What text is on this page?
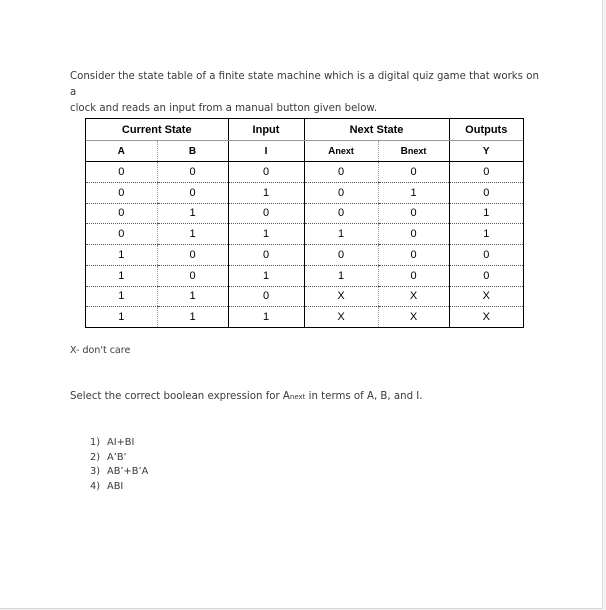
Consider the state table of a finite state machine which is a digital quiz game that works on a
clock and reads an input from a manual button given below.
Current State		Input	Next State		Outputs
A	B	I	Anext	Bnext	Y
0	0	0	0	0	0
0	0	1	0	1	0
0	1	0	0	0	1
0	1	1	1	0	1
1	0	0	0	0	0
1	0	1	1	0	0
1	1	0	X	X	X
1	1	1	X	X	X
X- don't care
Select the correct boolean expression for Anext in terms of A, B, and I.
1) AI+BI
2) A’B’
3) AB’+B’A
4) ABI
